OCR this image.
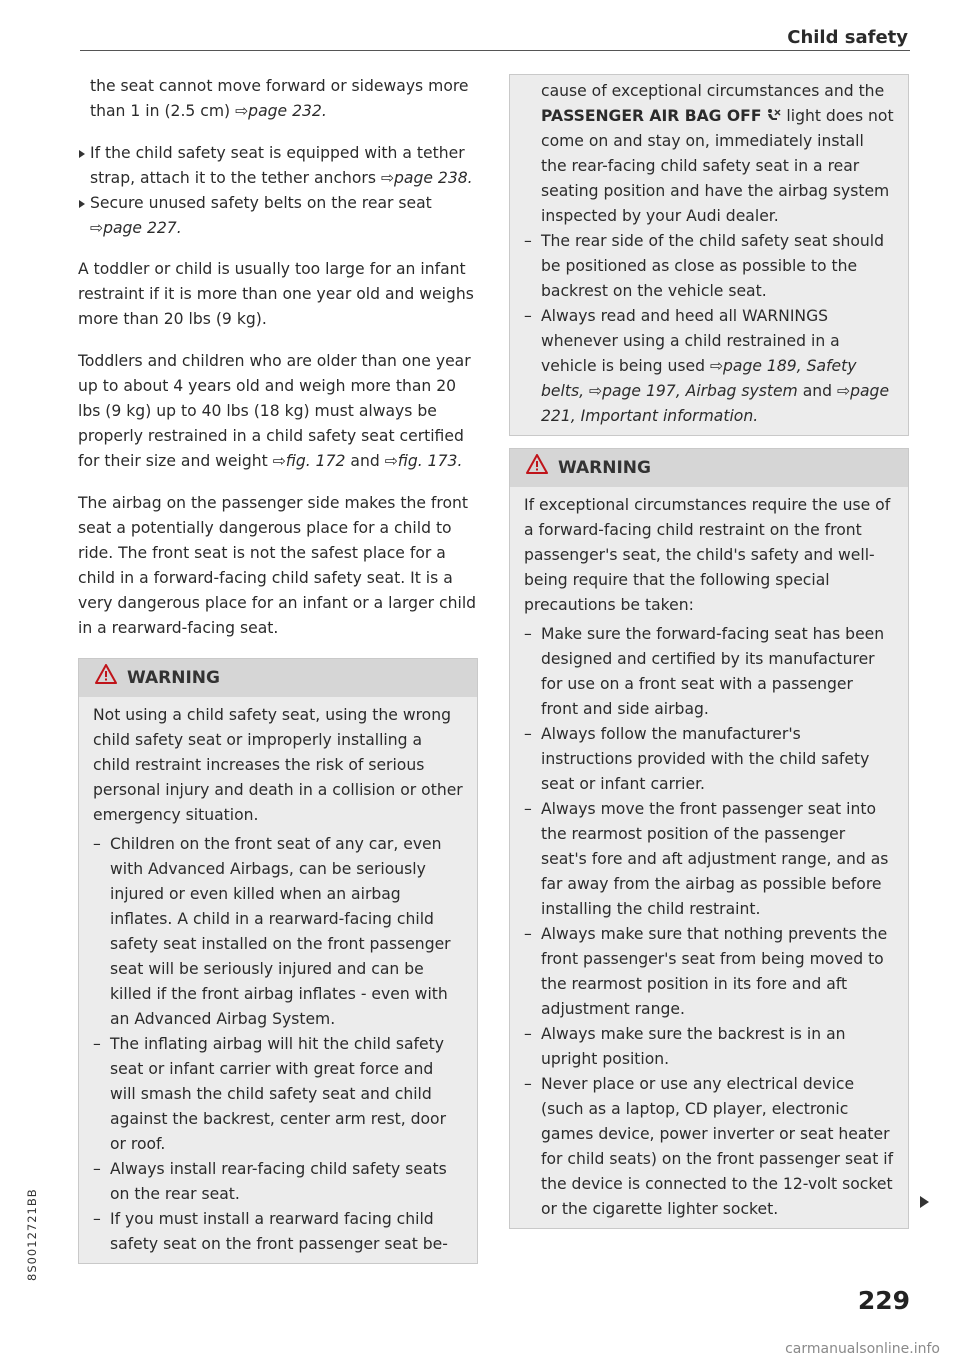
Child safety

the seat cannot move forward or sideways more than 1 in (2.5 cm) ⇨page 232.

If the child safety seat is equipped with a tether strap, attach it to the tether anchors ⇨page 238.
Secure unused safety belts on the rear seat ⇨page 227.

A toddler or child is usually too large for an infant restraint if it is more than one year old and weighs more than 20 lbs (9 kg).

Toddlers and children who are older than one year up to about 4 years old and weigh more than 20 lbs (9 kg) up to 40 lbs (18 kg) must always be properly restrained in a child safety seat certified for their size and weight ⇨fig. 172 and ⇨fig. 173.

The airbag on the passenger side makes the front seat a potentially dangerous place for a child to ride. The front seat is not the safest place for a child in a forward-facing child safety seat. It is a very dangerous place for an infant or a larger child in a rearward-facing seat.

WARNING

Not using a child safety seat, using the wrong child safety seat or improperly installing a child restraint increases the risk of serious personal injury and death in a collision or other emergency situation.

– Children on the front seat of any car, even with Advanced Airbags, can be seriously injured or even killed when an airbag inflates. A child in a rearward-facing child safety seat installed on the front passenger seat will be seriously injured and can be killed if the front airbag inflates - even with an Advanced Airbag System.
– The inflating airbag will hit the child safety seat or infant carrier with great force and will smash the child safety seat and child against the backrest, center arm rest, door or roof.
– Always install rear-facing child safety seats on the rear seat.
– If you must install a rearward facing child safety seat on the front passenger seat be-
cause of exceptional circumstances and the PASSENGER AIR BAG OFF light does not come on and stay on, immediately install the rear-facing child safety seat in a rear seating position and have the airbag system inspected by your Audi dealer.
– The rear side of the child safety seat should be positioned as close as possible to the backrest on the vehicle seat.
– Always read and heed all WARNINGS whenever using a child restrained in a vehicle is being used ⇨page 189, Safety belts, ⇨page 197, Airbag system and ⇨page 221, Important information.
WARNING

If exceptional circumstances require the use of a forward-facing child restraint on the front passenger's seat, the child's safety and well-being require that the following special precautions be taken:

– Make sure the forward-facing seat has been designed and certified by its manufacturer for use on a front seat with a passenger front and side airbag.
– Always follow the manufacturer's instructions provided with the child safety seat or infant carrier.
– Always move the front passenger seat into the rearmost position of the passenger seat's fore and aft adjustment range, and as far away from the airbag as possible before installing the child restraint.
– Always make sure that nothing prevents the front passenger's seat from being moved to the rearmost position in its fore and aft adjustment range.
– Always make sure the backrest is in an upright position.
– Never place or use any electrical device (such as a laptop, CD player, electronic games device, power inverter or seat heater for child seats) on the front passenger seat if the device is connected to the 12-volt socket or the cigarette lighter socket.
229
8S0012721BB
carmanualsonline.info
